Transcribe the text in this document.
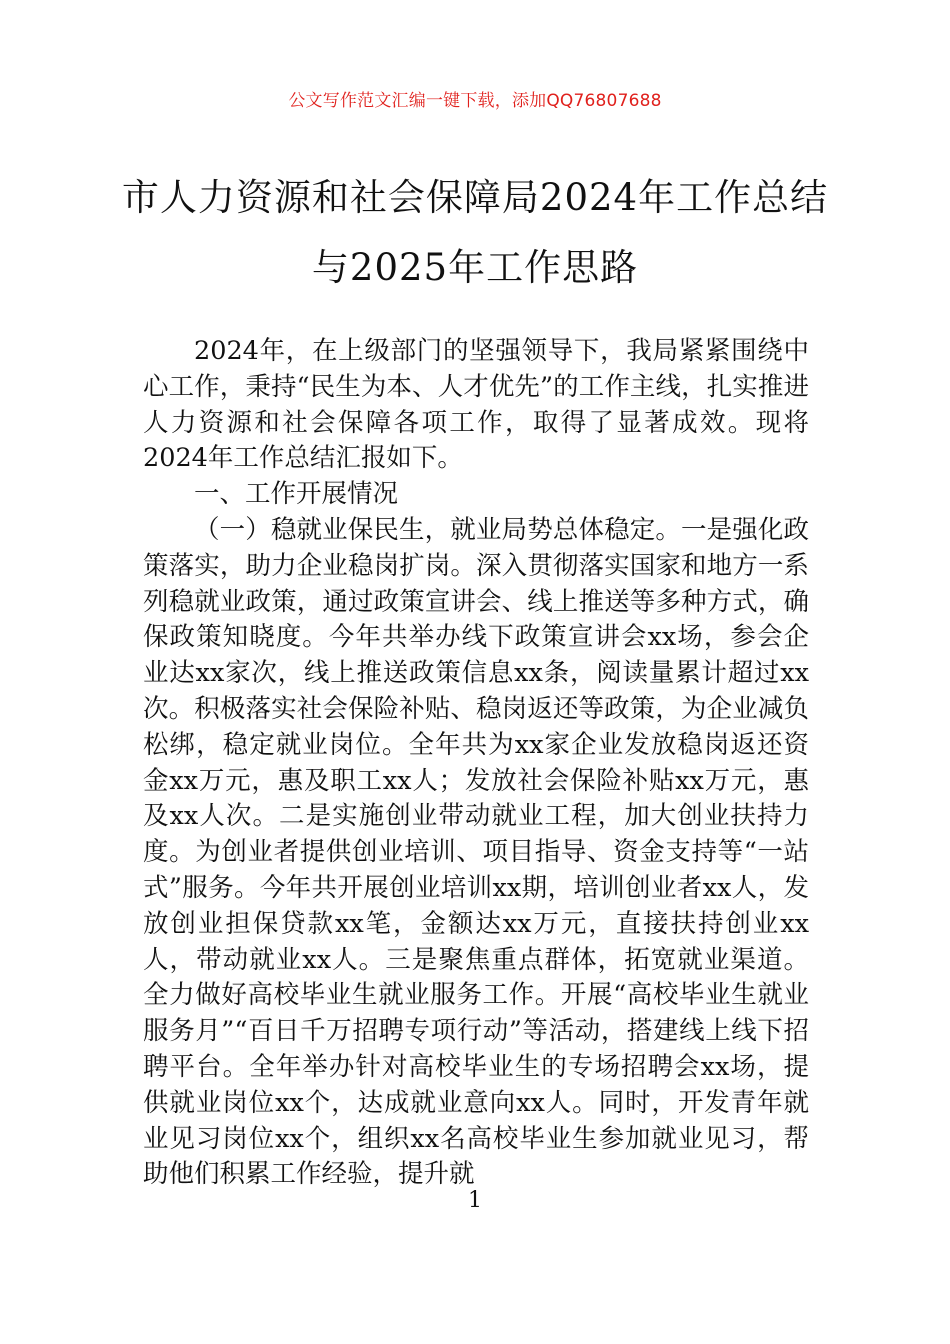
公文写作范文汇编一键下载，添加QQ76807688
市人力资源和社会保障局2024年工作总结
与2025年工作思路

2024年，在上级部门的坚强领导下，我局紧紧围绕中心工作，秉持“民生为本、人才优先”的工作主线，扎实推进人力资源和社会保障各项工作，取得了显著成效。现将2024年工作总结汇报如下。

一、工作开展情况

（一）稳就业保民生，就业局势总体稳定。一是强化政策落实，助力企业稳岗扩岗。深入贯彻落实国家和地方一系列稳就业政策，通过政策宣讲会、线上推送等多种方式，确保政策知晓度。今年共举办线下政策宣讲会xx场，参会企业达xx家次，线上推送政策信息xx条，阅读量累计超过xx次。积极落实社会保险补贴、稳岗返还等政策，为企业减负松绑，稳定就业岗位。全年共为xx家企业发放稳岗返还资金xx万元，惠及职工xx人；发放社会保险补贴xx万元，惠及xx人次。二是实施创业带动就业工程，加大创业扶持力度。为创业者提供创业培训、项目指导、资金支持等“一站式”服务。今年共开展创业培训xx期，培训创业者xx人，发放创业担保贷款xx笔，金额达xx万元，直接扶持创业xx人，带动就业xx人。三是聚焦重点群体，拓宽就业渠道。全力做好高校毕业生就业服务工作。开展“高校毕业生就业服务月”“百日千万招聘专项行动”等活动，搭建线上线下招聘平台。全年举办针对高校毕业生的专场招聘会xx场，提供就业岗位xx个，达成就业意向xx人。同时，开发青年就业见习岗位xx个，组织xx名高校毕业生参加就业见习，帮助他们积累工作经验，提升就

1
